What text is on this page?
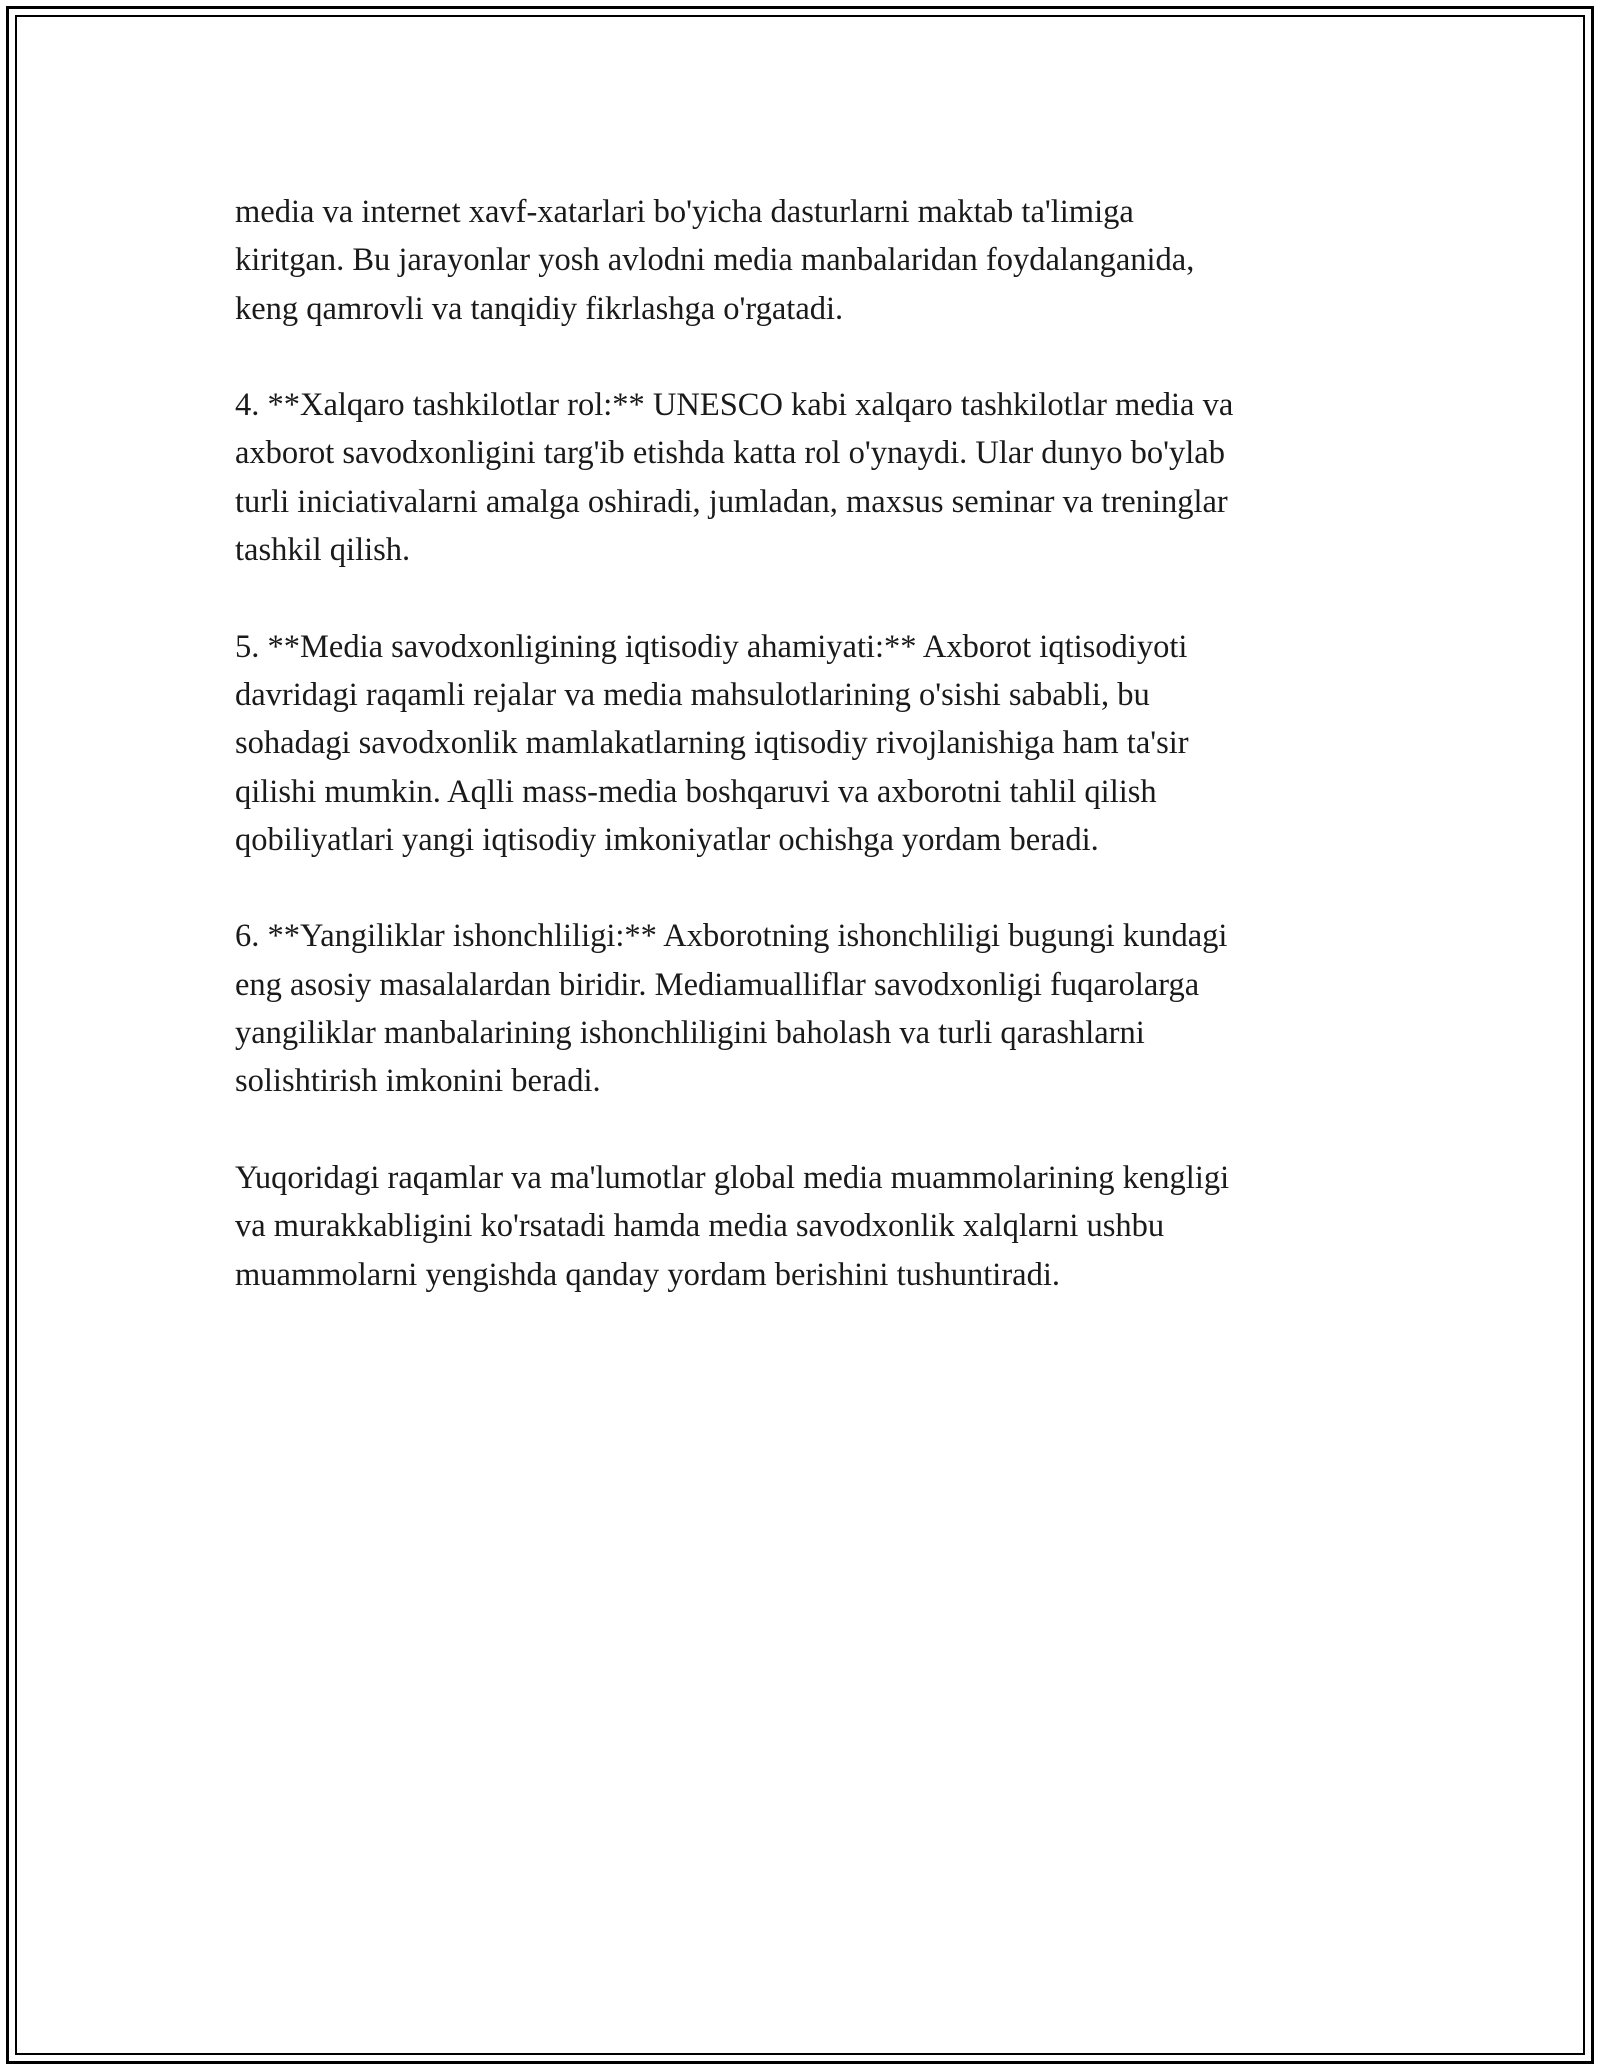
media va internet xavf-xatarlari bo'yicha dasturlarni maktab ta'limiga
kiritgan. Bu jarayonlar yosh avlodni media manbalaridan foydalanganida,
keng qamrovli va tanqidiy fikrlashga o'rgatadi.

4. **Xalqaro tashkilotlar rol:** UNESCO kabi xalqaro tashkilotlar media va
axborot savodxonligini targ'ib etishda katta rol o'ynaydi. Ular dunyo bo'ylab
turli iniciativalarni amalga oshiradi, jumladan, maxsus seminar va treninglar
tashkil qilish.

5. **Media savodxonligining iqtisodiy ahamiyati:** Axborot iqtisodiyoti
davridagi raqamli rejalar va media mahsulotlarining o'sishi sababli, bu
sohadagi savodxonlik mamlakatlarning iqtisodiy rivojlanishiga ham ta'sir
qilishi mumkin. Aqlli mass-media boshqaruvi va axborotni tahlil qilish
qobiliyatlari yangi iqtisodiy imkoniyatlar ochishga yordam beradi.

6. **Yangiliklar ishonchliligi:** Axborotning ishonchliligi bugungi kundagi
eng asosiy masalalardan biridir. Mediamualliflar savodxonligi fuqarolarga
yangiliklar manbalarining ishonchliligini baholash va turli qarashlarni
solishtirish imkonini beradi.

Yuqoridagi raqamlar va ma'lumotlar global media muammolarining kengligi
va murakkabligini ko'rsatadi hamda media savodxonlik xalqlarni ushbu
muammolarni yengishda qanday yordam berishini tushuntiradi.
